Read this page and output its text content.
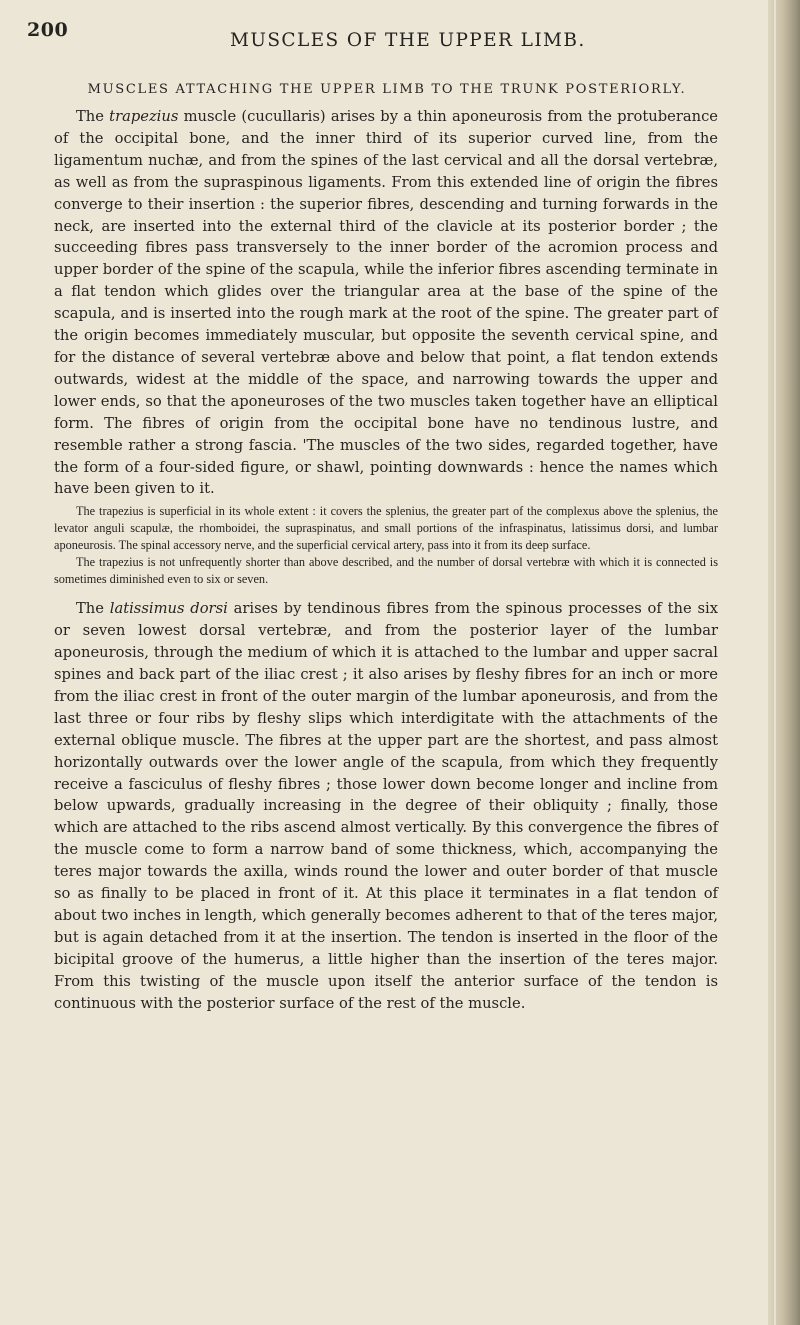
200	MUSCLES OF THE UPPER LIMB.
MUSCLES ATTACHING THE UPPER LIMB TO THE TRUNK POSTERIORLY.

The trapezius muscle (cucullaris) arises by a thin aponeurosis from the protuberance of the occipital bone, and the inner third of its superior curved line, from the ligamentum nuchæ, and from the spines of the last cervical and all the dorsal vertebræ, as well as from the supraspinous ligaments. From this extended line of origin the fibres converge to their insertion : the superior fibres, descending and turning forwards in the neck, are inserted into the external third of the clavicle at its posterior border ; the succeeding fibres pass transversely to the inner border of the acromion process and upper border of the spine of the scapula, while the inferior fibres ascending terminate in a flat tendon which glides over the triangular area at the base of the spine of the scapula, and is inserted into the rough mark at the root of the spine. The greater part of the origin becomes immediately muscular, but opposite the seventh cervical spine, and for the distance of several vertebræ above and below that point, a flat tendon extends outwards, widest at the middle of the space, and narrowing towards the upper and lower ends, so that the aponeuroses of the two muscles taken together have an elliptical form. The fibres of origin from the occipital bone have no tendinous lustre, and resemble rather a strong fascia. 'The muscles of the two sides, regarded together, have the form of a four-sided figure, or shawl, pointing downwards : hence the names which have been given to it.

The trapezius is superficial in its whole extent : it covers the splenius, the greater part of the complexus above the splenius, the levator anguli scapulæ, the rhomboidei, the supraspinatus, and small portions of the infraspinatus, latissimus dorsi, and lumbar aponeurosis. The spinal accessory nerve, and the superficial cervical artery, pass into it from its deep surface.

The trapezius is not unfrequently shorter than above described, and the number of dorsal vertebræ with which it is connected is sometimes diminished even to six or seven.

The latissimus dorsi arises by tendinous fibres from the spinous processes of the six or seven lowest dorsal vertebræ, and from the posterior layer of the lumbar aponeurosis, through the medium of which it is attached to the lumbar and upper sacral spines and back part of the iliac crest ; it also arises by fleshy fibres for an inch or more from the iliac crest in front of the outer margin of the lumbar aponeurosis, and from the last three or four ribs by fleshy slips which interdigitate with the attachments of the external oblique muscle. The fibres at the upper part are the shortest, and pass almost horizontally outwards over the lower angle of the scapula, from which they frequently receive a fasciculus of fleshy fibres ; those lower down become longer and incline from below upwards, gradually increasing in the degree of their obliquity ; finally, those which are attached to the ribs ascend almost vertically. By this convergence the fibres of the muscle come to form a narrow band of some thickness, which, accompanying the teres major towards the axilla, winds round the lower and outer border of that muscle so as finally to be placed in front of it. At this place it terminates in a flat tendon of about two inches in length, which generally becomes adherent to that of the teres major, but is again detached from it at the insertion. The tendon is inserted in the floor of the bicipital groove of the humerus, a little higher than the insertion of the teres major. From this twisting of the muscle upon itself the anterior surface of the tendon is continuous with the posterior surface of the rest of the muscle.
